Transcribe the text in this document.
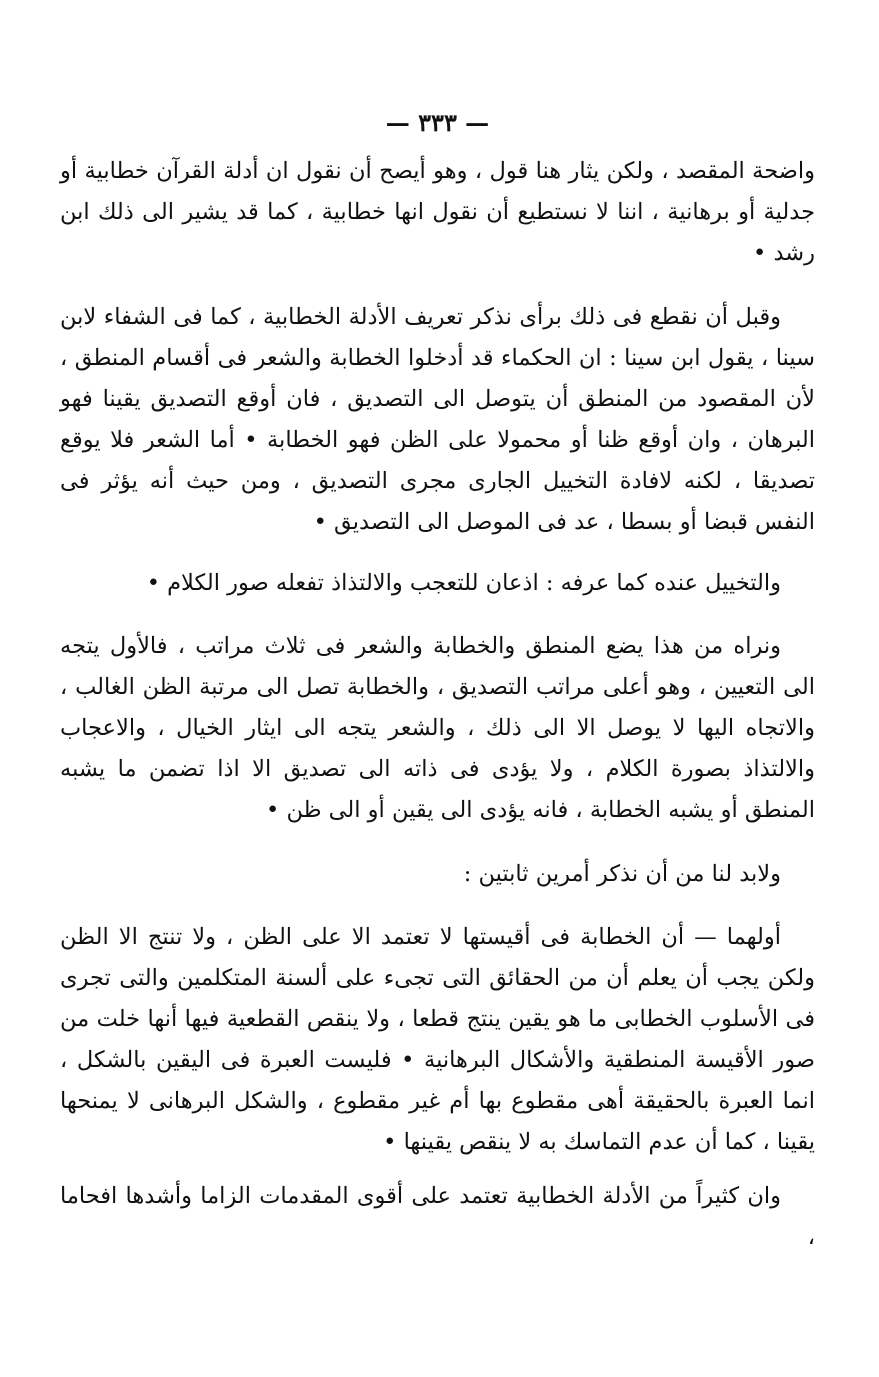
— ٣٣٣ —

واضحة المقصد ، ولكن يثار هنا قول ، وهو أيصح أن نقول ان أدلة القرآن خطابية أو جدلية أو برهانية ، اننا لا نستطيع أن نقول انها خطابية ، كما قد يشير الى ذلك ابن رشد •

وقبل أن نقطع فى ذلك برأى نذكر تعريف الأدلة الخطابية ، كما فى الشفاء لابن سينا ، يقول ابن سينا : ان الحكماء قد أدخلوا الخطابة والشعر فى أقسام المنطق ، لأن المقصود من المنطق أن يتوصل الى التصديق ، فان أوقع التصديق يقينا فهو البرهان ، وان أوقع ظنا أو محمولا على الظن فهو الخطابة • أما الشعر فلا يوقع تصديقا ، لكنه لافادة التخييل الجارى مجرى التصديق ، ومن حيث أنه يؤثر فى النفس قبضا أو بسطا ، عد فى الموصل الى التصديق •

والتخييل عنده كما عرفه : اذعان للتعجب والالتذاذ تفعله صور الكلام •

ونراه من هذا يضع المنطق والخطابة والشعر فى ثلاث مراتب ، فالأول يتجه الى التعيين ، وهو أعلى مراتب التصديق ، والخطابة تصل الى مرتبة الظن الغالب ، والاتجاه اليها لا يوصل الا الى ذلك ، والشعر يتجه الى ايثار الخيال ، والاعجاب والالتذاذ بصورة الكلام ، ولا يؤدى فى ذاته الى تصديق الا اذا تضمن ما يشبه المنطق أو يشبه الخطابة ، فانه يؤدى الى يقين أو الى ظن •

ولابد لنا من أن نذكر أمرين ثابتين :

أولهما — أن الخطابة فى أقيستها لا تعتمد الا على الظن ، ولا تنتج الا الظن ولكن يجب أن يعلم أن من الحقائق التى تجىء على ألسنة المتكلمين والتى تجرى فى الأسلوب الخطابى ما هو يقين ينتج قطعا ، ولا ينقص القطعية فيها أنها خلت من صور الأقيسة المنطقية والأشكال البرهانية • فليست العبرة فى اليقين بالشكل ، انما العبرة بالحقيقة أهى مقطوع بها أم غير مقطوع ، والشكل البرهانى لا يمنحها يقينا ، كما أن عدم التماسك به لا ينقص يقينها •

وان كثيراً من الأدلة الخطابية تعتمد على أقوى المقدمات الزاما وأشدها افحاما ،
